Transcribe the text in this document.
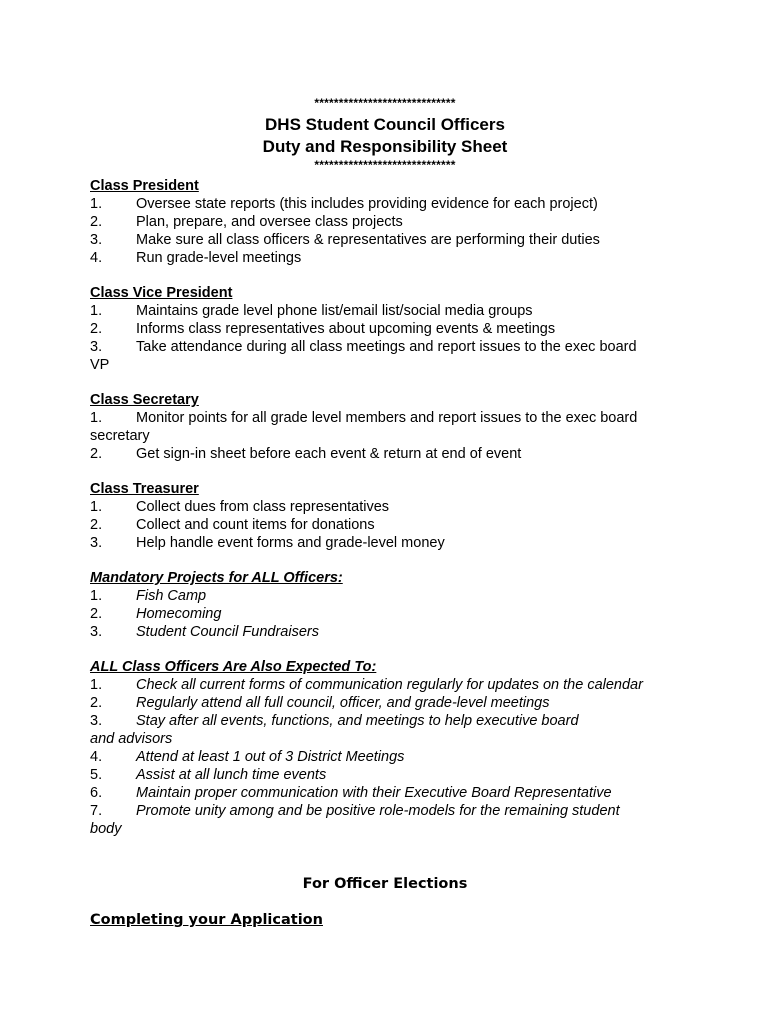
*****************************
DHS Student Council Officers
Duty and Responsibility Sheet
*****************************
Class President
1.	Oversee state reports (this includes providing evidence for each project)
2.	Plan, prepare, and oversee class projects
3.	Make sure all class officers & representatives are performing their duties
4.	Run grade-level meetings
Class Vice President
1.	Maintains grade level phone list/email list/social media groups
2.	Informs class representatives about upcoming events & meetings
3.	Take attendance during all class meetings and report issues to the exec board
VP
Class Secretary
1.	Monitor points for all grade level members and report issues to the exec board
secretary
2.	Get sign-in sheet before each event & return at end of event
Class Treasurer
1.	Collect dues from class representatives
2.	Collect and count items for donations
3.	Help handle event forms and grade-level money
Mandatory Projects for ALL Officers:
1.	Fish Camp
2.	Homecoming
3.	Student Council Fundraisers
ALL Class Officers Are Also Expected To:
1.	Check all current forms of communication regularly for updates on the calendar
2.	Regularly attend all full council, officer, and grade-level meetings
3.	Stay after all events, functions, and meetings to help executive board
and advisors
4.	Attend at least 1 out of 3 District Meetings
5.	Assist at all lunch time events
6.	Maintain proper communication with their Executive Board Representative
7.	Promote unity among and be positive role-models for the remaining student
body
For Officer Elections
Completing your Application
